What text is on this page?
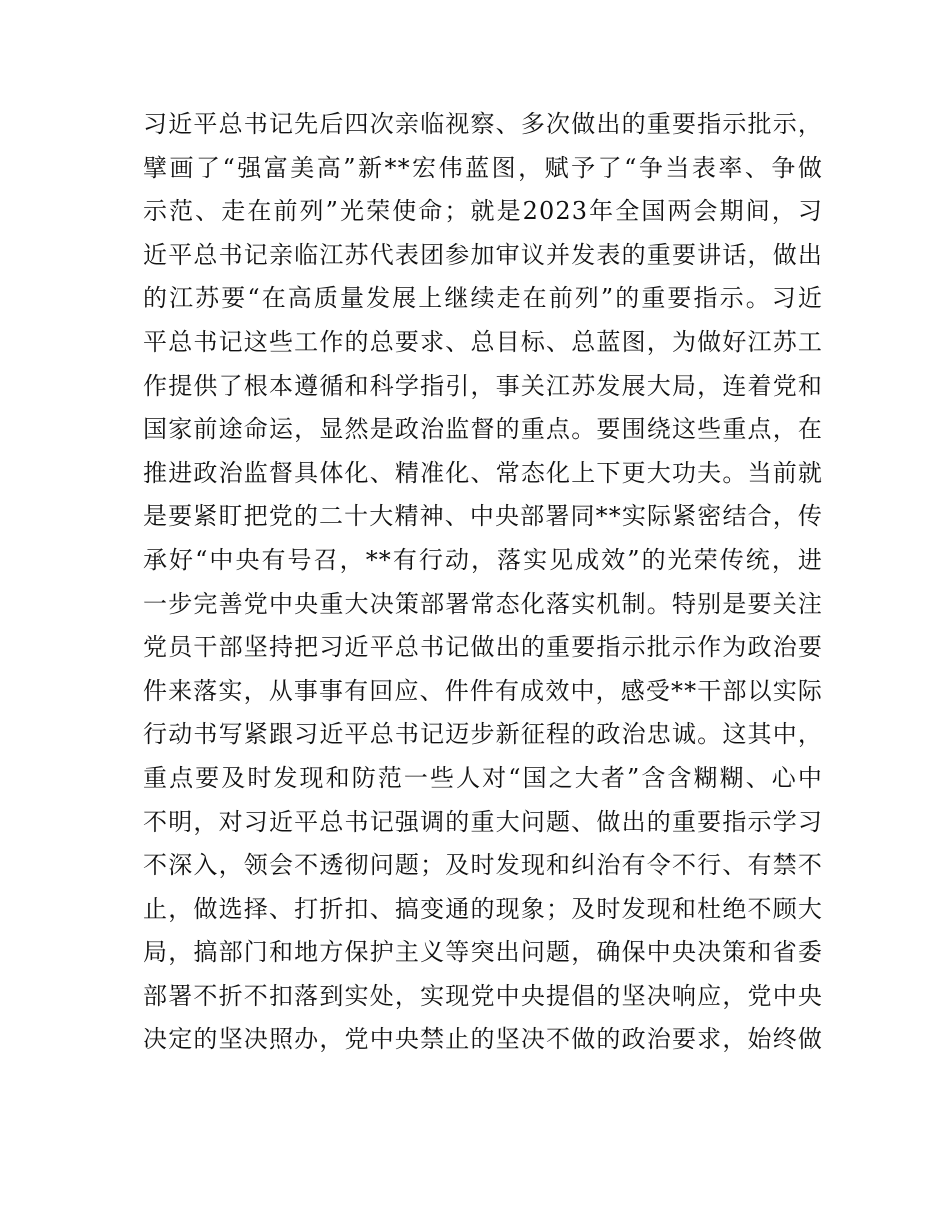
习近平总书记先后四次亲临视察、多次做出的重要指示批示，
擘画了“强富美高”新**宏伟蓝图，赋予了“争当表率、争做
示范、走在前列”光荣使命；就是2023年全国两会期间，习
近平总书记亲临江苏代表团参加审议并发表的重要讲话，做出
的江苏要“在高质量发展上继续走在前列”的重要指示。习近
平总书记这些工作的总要求、总目标、总蓝图，为做好江苏工
作提供了根本遵循和科学指引，事关江苏发展大局，连着党和
国家前途命运，显然是政治监督的重点。要围绕这些重点，在
推进政治监督具体化、精准化、常态化上下更大功夫。当前就
是要紧盯把党的二十大精神、中央部署同**实际紧密结合，传
承好“中央有号召，**有行动，落实见成效”的光荣传统，进
一步完善党中央重大决策部署常态化落实机制。特别是要关注
党员干部坚持把习近平总书记做出的重要指示批示作为政治要
件来落实，从事事有回应、件件有成效中，感受**干部以实际
行动书写紧跟习近平总书记迈步新征程的政治忠诚。这其中，
重点要及时发现和防范一些人对“国之大者”含含糊糊、心中
不明，对习近平总书记强调的重大问题、做出的重要指示学习
不深入，领会不透彻问题；及时发现和纠治有令不行、有禁不
止，做选择、打折扣、搞变通的现象；及时发现和杜绝不顾大
局，搞部门和地方保护主义等突出问题，确保中央决策和省委
部署不折不扣落到实处，实现党中央提倡的坚决响应，党中央
决定的坚决照办，党中央禁止的坚决不做的政治要求，始终做
